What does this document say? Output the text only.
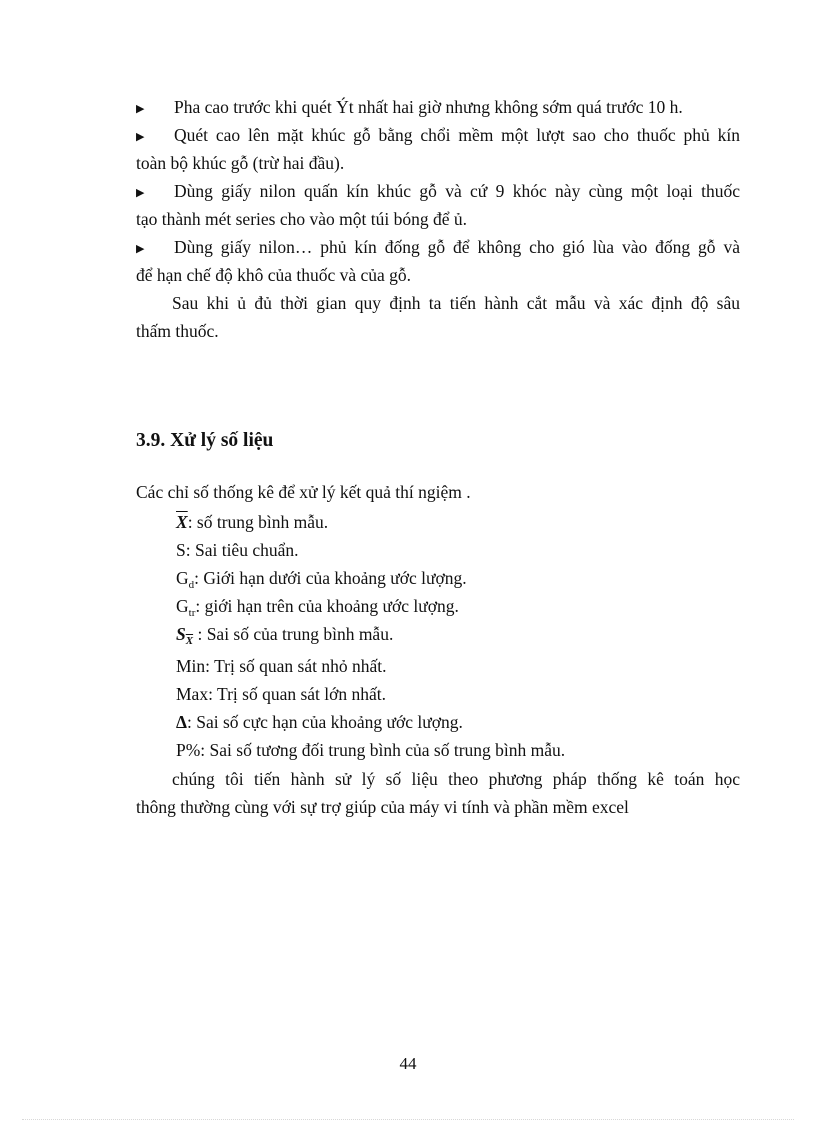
▶ Pha cao trước khi quét Ýt nhất hai giờ nhưng không sớm quá trước 10 h.
▶ Quét cao lên mặt khúc gỗ bằng chổi mềm một lượt sao cho thuốc phủ kín
toàn bộ khúc gỗ (trừ hai đầu).
▶ Dùng giấy nilon quấn kín khúc gỗ và cứ 9 khóc này cùng một loại thuốc
tạo thành mét series cho vào một túi bóng để ủ.
▶ Dùng giấy nilon… phủ kín đống gỗ để không cho gió lùa vào đống gỗ và
để hạn chế độ khô của thuốc và của gỗ.
Sau khi ủ đủ thời gian quy định ta tiến hành cắt mẫu và xác định độ sâu
thấm thuốc.
3.9. Xử lý số liệu
Các chỉ số thống kê để xử lý kết quả thí ngiệm .
$\overline{X}$: số trung bình mẫu.
S: Sai tiêu chuẩn.
$G_d$: Giới hạn dưới của khoảng ước lượng.
$G_{tr}$: giới hạn trên của khoảng ước lượng.
$S_{\overline{X}}$ : Sai số của trung bình mẫu.
Min: Trị số quan sát nhỏ nhất.
Max: Trị số quan sát lớn nhất.
Δ: Sai số cực hạn của khoảng ước lượng.
P%: Sai số tương đối trung bình của số trung bình mẫu.
chúng tôi tiến hành sử lý số liệu theo phương pháp thống kê toán học
thông thường cùng với sự trợ giúp của máy vi tính và phần mềm excel
44
